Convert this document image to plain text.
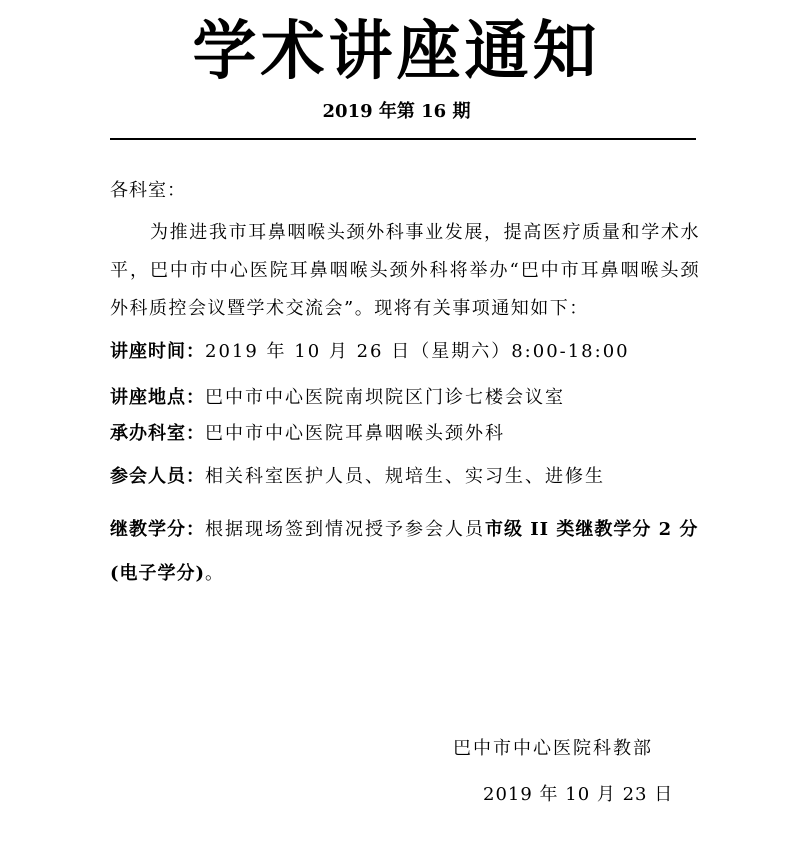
学术讲座通知
2019 年第 16 期
各科室：
为推进我市耳鼻咽喉头颈外科事业发展，提高医疗质量和学术水平，巴中市中心医院耳鼻咽喉头颈外科将举办“巴中市耳鼻咽喉头颈外科质控会议暨学术交流会”。现将有关事项通知如下：
讲座时间：2019 年 10 月 26 日（星期六）8:00-18:00
讲座地点：巴中市中心医院南坝院区门诊七楼会议室
承办科室：巴中市中心医院耳鼻咽喉头颈外科
参会人员：相关科室医护人员、规培生、实习生、进修生
继教学分：根据现场签到情况授予参会人员市级 II 类继教学分 2 分(电子学分)。
巴中市中心医院科教部
2019 年 10 月 23 日
